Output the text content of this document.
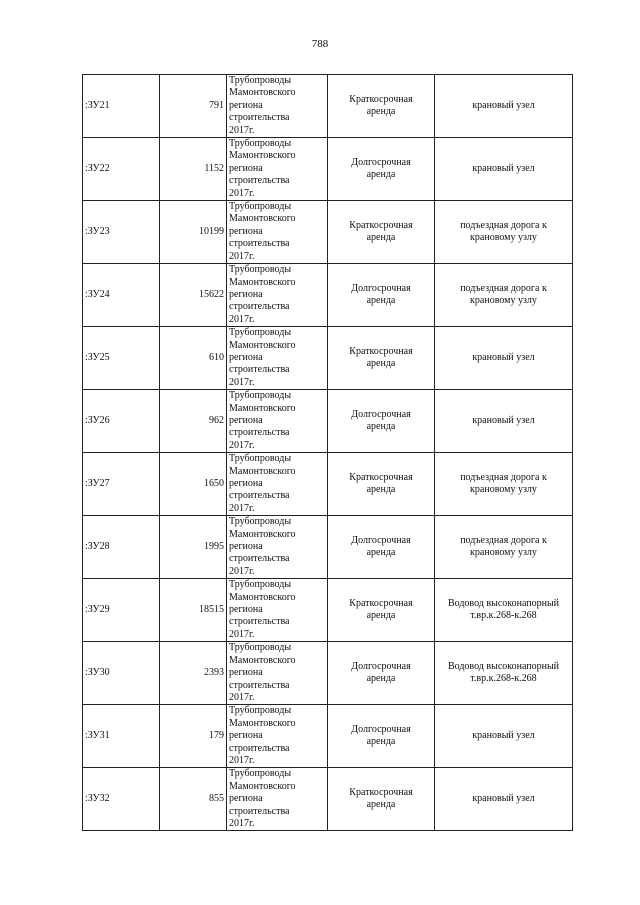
788
:ЗУ21	791	Трубопроводы
Мамонтовского
региона
строительства
2017г.	Краткосрочная
аренда	крановый узел

:ЗУ22	1152	Трубопроводы
Мамонтовского
региона
строительства
2017г.	Долгосрочная
аренда	крановый узел

:ЗУ23	10199	Трубопроводы
Мамонтовского
региона
строительства
2017г.	Краткосрочная
аренда	подъездная дорога к
крановому узлу

:ЗУ24	15622	Трубопроводы
Мамонтовского
региона
строительства
2017г.	Долгосрочная
аренда	подъездная дорога к
крановому узлу

:ЗУ25	610	Трубопроводы
Мамонтовского
региона
строительства
2017г.	Краткосрочная
аренда	крановый узел

:ЗУ26	962	Трубопроводы
Мамонтовского
региона
строительства
2017г.	Долгосрочная
аренда	крановый узел

:ЗУ27	1650	Трубопроводы
Мамонтовского
региона
строительства
2017г.	Краткосрочная
аренда	подъездная дорога к
крановому узлу

:ЗУ28	1995	Трубопроводы
Мамонтовского
региона
строительства
2017г.	Долгосрочная
аренда	подъездная дорога к
крановому узлу

:ЗУ29	18515	Трубопроводы
Мамонтовского
региона
строительства
2017г.	Краткосрочная
аренда	Водовод высоконапорный
т.вр.к.268-к.268

:ЗУ30	2393	Трубопроводы
Мамонтовского
региона
строительства
2017г.	Долгосрочная
аренда	Водовод высоконапорный
т.вр.к.268-к.268

:ЗУ31	179	Трубопроводы
Мамонтовского
региона
строительства
2017г.	Долгосрочная
аренда	крановый узел

:ЗУ32	855	Трубопроводы
Мамонтовского
региона
строительства
2017г.	Краткосрочная
аренда	крановый узел
